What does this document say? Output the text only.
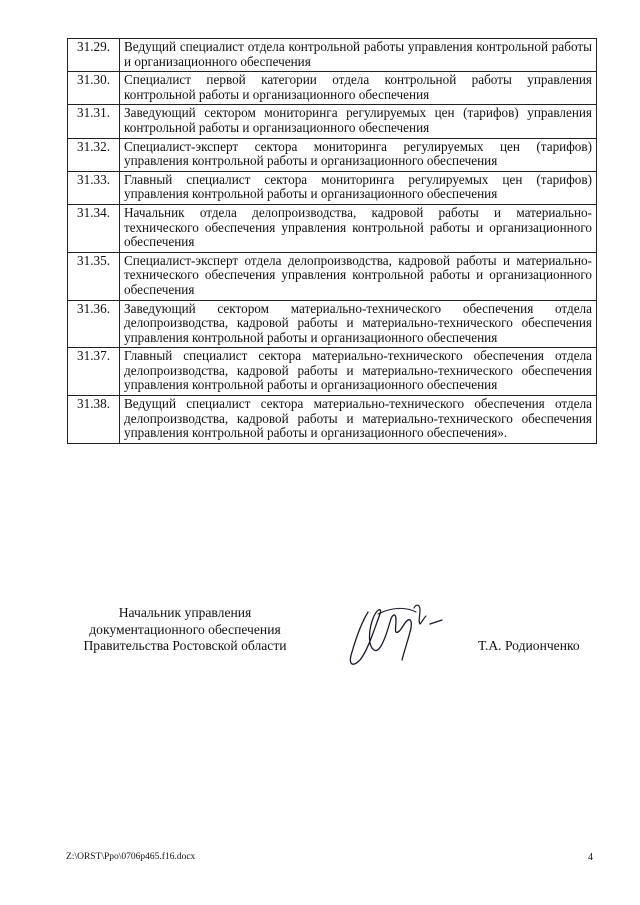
31.29.	Ведущий специалист отдела контрольной работы управления контрольной работы и организационного обеспечения
31.30.	Специалист первой категории отдела контрольной работы управления контрольной работы и организационного обеспечения
31.31.	Заведующий сектором мониторинга регулируемых цен (тарифов) управления контрольной работы и организационного обеспечения
31.32.	Специалист-эксперт сектора мониторинга регулируемых цен (тарифов) управления контрольной работы и организационного обеспечения
31.33.	Главный специалист сектора мониторинга регулируемых цен (тарифов) управления контрольной работы и организационного обеспечения
31.34.	Начальник отдела делопроизводства, кадровой работы и материально-технического обеспечения управления контрольной работы и организационного обеспечения
31.35.	Специалист-эксперт отдела делопроизводства, кадровой работы и материально-технического обеспечения управления контрольной работы и организационного обеспечения
31.36.	Заведующий сектором материально-технического обеспечения отдела делопроизводства, кадровой работы и материально-технического обеспечения управления контрольной работы и организационного обеспечения
31.37.	Главный специалист сектора материально-технического обеспечения отдела делопроизводства, кадровой работы и материально-технического обеспечения управления контрольной работы и организационного обеспечения
31.38.	Ведущий специалист сектора материально-технического обеспечения отдела делопроизводства, кадровой работы и материально-технического обеспечения управления контрольной работы и организационного обеспечения».
Начальник управления
документационного обеспечения
Правительства Ростовской области	Т.А. Родионченко
Z:\ORST\Ppo\0706p465.f16.docx	4
